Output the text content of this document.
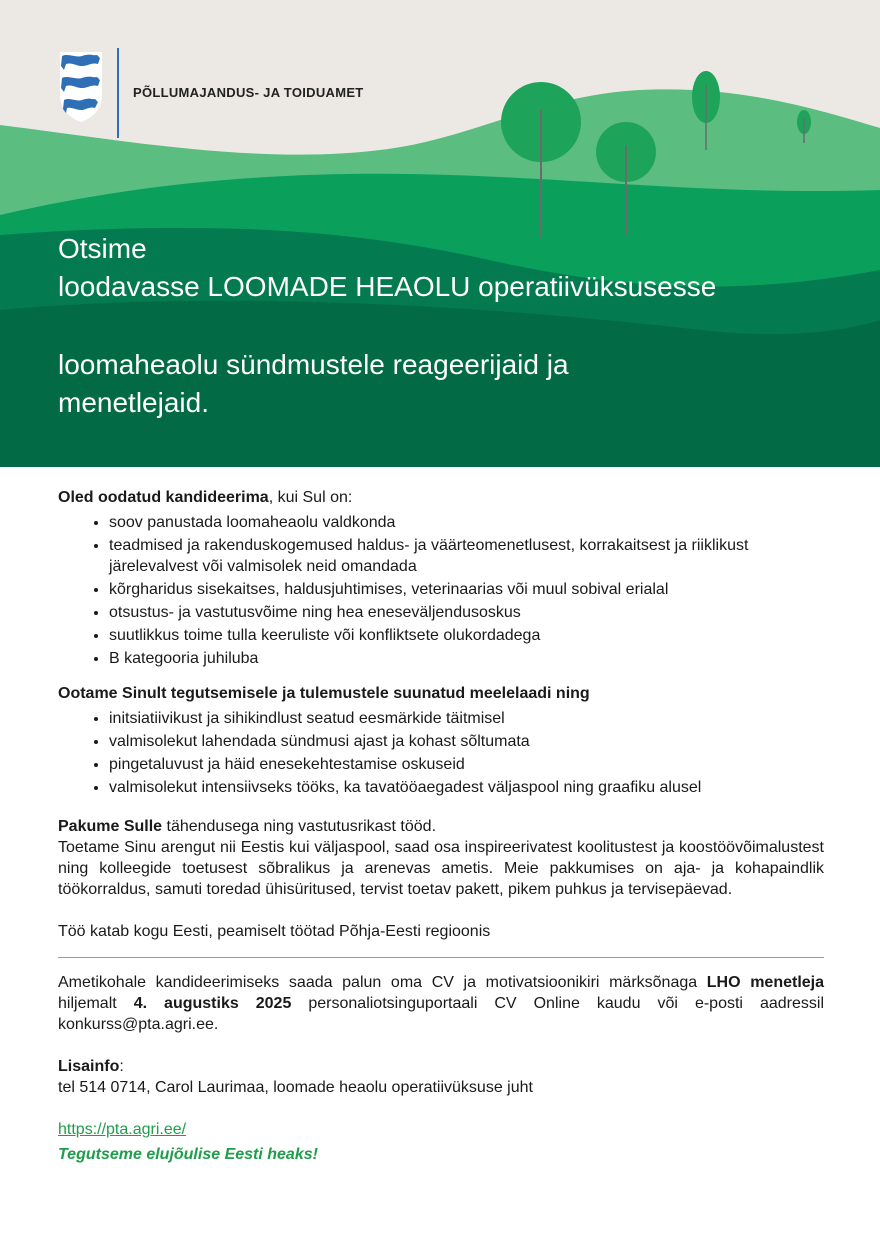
PÕLLUMAJANDUS- JA TOIDUAMET

Otsime

loodavasse LOOMADE HEAOLU operatiivüksusesse

loomaheaolu sündmustele reageerijaid ja

menetlejaid.

Oled oodatud kandideerima, kui Sul on:

• soov panustada loomaheaolu valdkonda
• teadmised ja rakenduskogemused haldus- ja väärteomenetlusest, korrakaitsest ja riiklikust järelevalvest või valmisolek neid omandada
• kõrgharidus sisekaitses, haldusjuhtimises, veterinaarias või muul sobival erialal
• otsustus- ja vastutusvõime ning hea eneseväljendusoskus
• suutlikkus toime tulla keeruliste või konfliktsete olukordadega
• B kategooria juhiluba

Ootame Sinult tegutsemisele ja tulemustele suunatud meelelaadi ning

• initsiatiivikust ja sihikindlust seatud eesmärkide täitmisel
• valmisolekut lahendada sündmusi ajast ja kohast sõltumata
• pingetaluvust ja häid enesekehtestamise oskuseid
• valmisolekut intensiivseks tööks, ka tavatööaegadest väljaspool ning graafiku alusel

Pakume Sulle tähendusega ning vastutusrikast tööd.

Toetame Sinu arengut nii Eestis kui väljaspool, saad osa inspireerivatest koolitustest ja koostöövõimalustest ning kolleegide toetusest sõbralikus ja arenevas ametis. Meie pakkumises on aja- ja kohapaindlik töökorraldus, samuti toredad ühisüritused, tervist toetav pakett, pikem puhkus ja tervisepäevad.

Töö katab kogu Eesti, peamiselt töötad Põhja-Eesti regioonis

Ametikohale kandideerimiseks saada palun oma CV ja motivatsioonikiri märksõnaga LHO menetleja hiljemalt 4. augustiks 2025 personaliotsinguportaali CV Online kaudu või e-posti aadressil konkurss@pta.agri.ee.

Lisainfo:

tel 514 0714, Carol Laurimaa, loomade heaolu operatiivüksuse juht

https://pta.agri.ee/

Tegutseme elujõulise Eesti heaks!
